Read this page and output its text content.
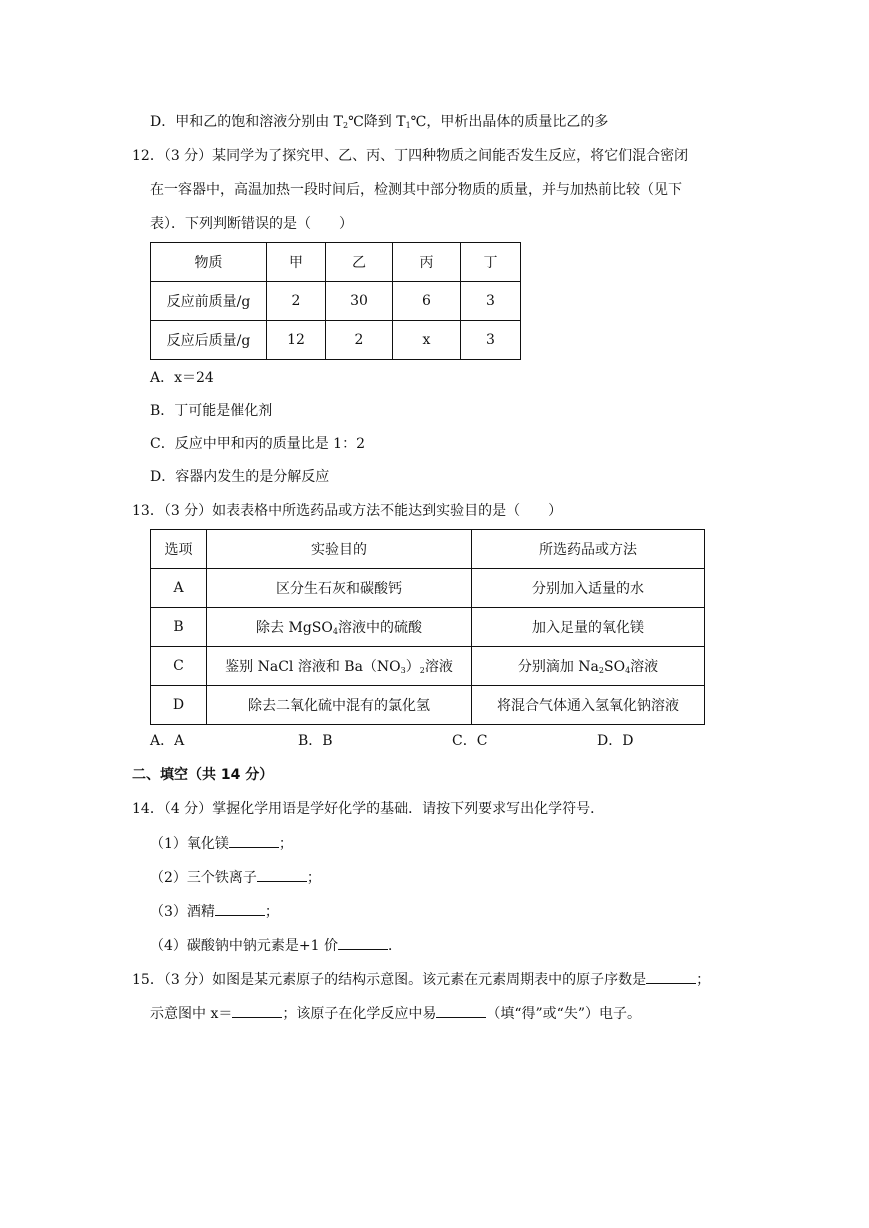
D．甲和乙的饱和溶液分别由 $T_2℃$降到 $T_1℃$，甲析出晶体的质量比乙的多
12．（3 分）某同学为了探究甲、乙、丙、丁四种物质之间能否发生反应，将它们混合密闭
在一容器中，高温加热一段时间后，检测其中部分物质的质量，并与加热前比较（见下
表）．下列判断错误的是（　　）
物质	甲	乙	丙	丁
反应前质量/g	2	30	6	3
反应后质量/g	12	2	x	3
A．x＝24
B．丁可能是催化剂
C．反应中甲和丙的质量比是 1：2
D．容器内发生的是分解反应
13．（3 分）如表表格中所选药品或方法不能达到实验目的是（　　）
选项	实验目的	所选药品或方法
A	区分生石灰和碳酸钙	分别加入适量的水
B	除去 MgSO$_4$溶液中的硫酸	加入足量的氧化镁
C	鉴别 NaCl 溶液和 $Ba(NO_3)_2$溶液	分别滴加 $Na_2SO_4$溶液
D	除去二氧化硫中混有的氯化氢	将混合气体通入氢氧化钠溶液
A．A	B．B	C．C	D．D
二、填空（共 14 分）
14．（4 分）掌握化学用语是学好化学的基础．请按下列要求写出化学符号．
（1）氧化镁	；
（2）三个铁离子	；
（3）酒精	；
（4）碳酸钠中钠元素是+1 价	．
15．（3 分）如图是某元素原子的结构示意图。该元素在元素周期表中的原子序数是	；
示意图中 x＝	；该原子在化学反应中易	（填“得”或“失”）电子。
